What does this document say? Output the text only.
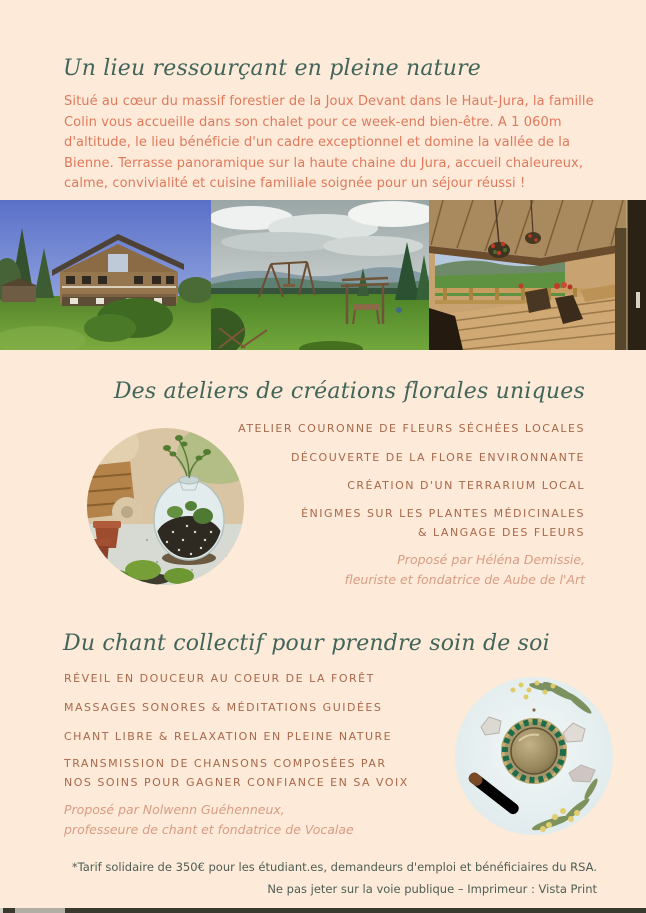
Un lieu ressourçant en pleine nature
Situé au cœur du massif forestier de la Joux Devant dans le Haut-Jura, la famille Colin vous accueille dans son chalet pour ce week-end bien-être. A 1 060m d'altitude, le lieu bénéficie d'un cadre exceptionnel et domine la vallée de la Bienne. Terrasse panoramique sur la haute chaine du Jura, accueil chaleureux, calme, convivialité et cuisine familiale soignée pour un séjour réussi !
Des ateliers de créations florales uniques
ATELIER COURONNE DE FLEURS SÉCHÉES LOCALES
DÉCOUVERTE DE LA FLORE ENVIRONNANTE
CRÉATION D'UN TERRARIUM LOCAL
ÉNIGMES SUR LES PLANTES MÉDICINALES
& LANGAGE DES FLEURS
Proposé par Héléna Demissie,
fleuriste et fondatrice de Aube de l'Art
Du chant collectif pour prendre soin de soi
RÉVEIL EN DOUCEUR AU COEUR DE LA FORÊT
MASSAGES SONORES & MÉDITATIONS GUIDÉES
CHANT LIBRE & RELAXATION EN PLEINE NATURE
TRANSMISSION DE CHANSONS COMPOSÉES PAR
NOS SOINS POUR GAGNER CONFIANCE EN SA VOIX
Proposé par Nolwenn Guéhenneux,
professeure de chant et fondatrice de Vocalae
*Tarif solidaire de 350€ pour les étudiant.es, demandeurs d'emploi et bénéficiaires du RSA.
Ne pas jeter sur la voie publique – Imprimeur : Vista Print
